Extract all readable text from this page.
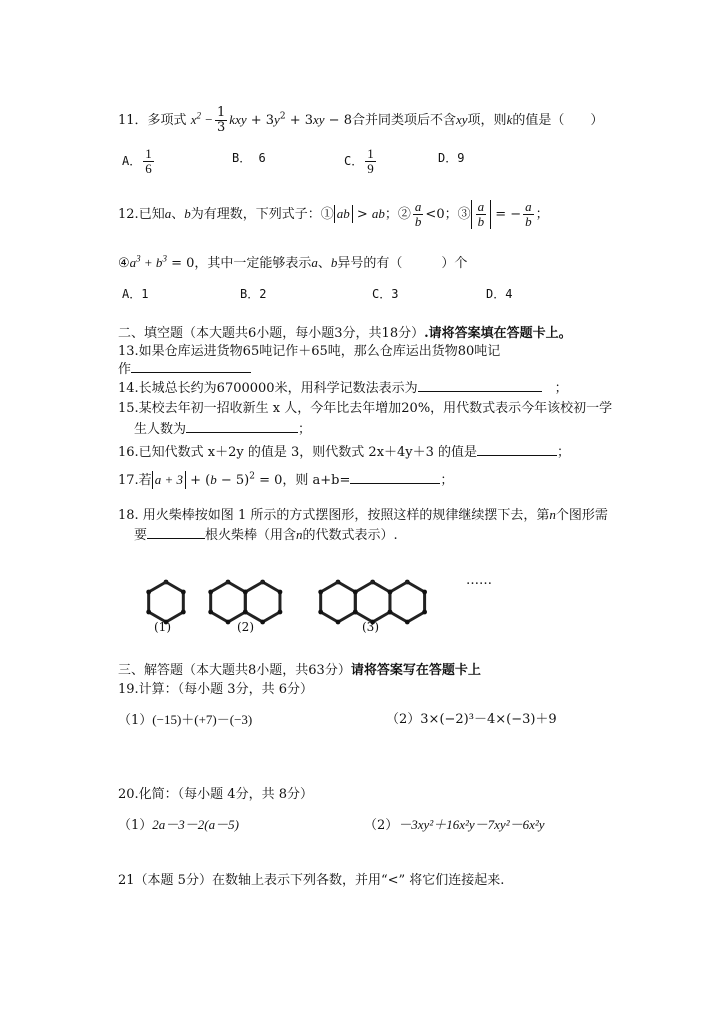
11．多项式 $x^2 - \frac{1}{3}$ kxy + $3y^2 + 3xy - 8$合并同类项后不含xy项，则k的值是（　　）
A． $\frac{1}{6}$	B． 6	C． $\frac{1}{9}$	D．9
12.已知a、b为有理数，下列式子：① ab > ab；② $\frac{a}{b} <0$；③ $\frac{a}{b}$ = − $\frac{a}{b}$ ；
$④a^3 + b^3 = 0$，其中一定能够表示a、b异号的有（　　　）个
A．1	B．2	C．3	D．4
二、填空题（本大题共6小题，每小题3分，共18分）.请将答案填在答题卡上。
13.如果仓库运进货物65吨记作＋65吨，那么仓库运出货物80吨记
作
14.长城总长约为6700000米，用科学记数法表示为　	；
15.某校去年初一招收新生 x 人，今年比去年增加20%，用代数式表示今年该校初一学
生人数为	；
16.已知代数式 x＋2y 的值是 3，则代数式 2x＋4y＋3 的值是	；
17.若 $a + 3 + (b - 5)^2 = 0$，则 a+b=	；
18. 用火柴棒按如图 1 所示的方式摆图形，按照这样的规律继续摆下去，第n个图形需
要	根火柴棒（用含n的代数式表示）.
(1)	(2)	(3)
……
三、解答题（本大题共8小题，共63分）请将答案写在答题卡上
19.计算：（每小题 3分，共 6分）
（1）(−15)＋(+7)－(−3)	（2）3×(−2)³－4×(−3)＋9
20.化简：（每小题 4分，共 8分）
（1）2a－3－2(a－5)	（2）－3xy²＋16x²y－7xy²－6x²y
21（本题 5分）在数轴上表示下列各数，并用“<” 将它们连接起来.
